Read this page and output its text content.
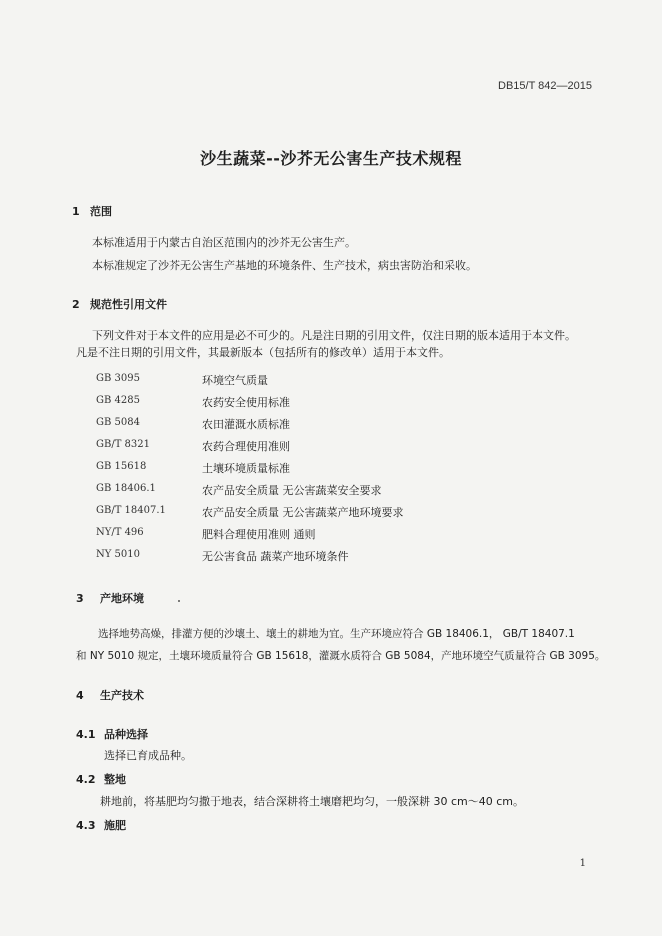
DB15/T 842—2015
沙生蔬菜--沙芥无公害生产技术规程
1 范围
本标准适用于内蒙古自治区范围内的沙芥无公害生产。
本标准规定了沙芥无公害生产基地的环境条件、生产技术，病虫害防治和采收。
2 规范性引用文件
下列文件对于本文件的应用是必不可少的。凡是注日期的引用文件，仅注日期的版本适用于本文件。
凡是不注日期的引用文件，其最新版本（包括所有的修改单）适用于本文件。
GB 3095	环境空气质量
GB 4285	农药安全使用标准
GB 5084	农田灌溉水质标准
GB/T 8321	农药合理使用准则
GB 15618	土壤环境质量标准
GB 18406.1	农产品安全质量 无公害蔬菜安全要求
GB/T 18407.1	农产品安全质量 无公害蔬菜产地环境要求
NY/T 496	肥料合理使用准则 通则
NY 5010	无公害食品 蔬菜产地环境条件
3 产地环境
选择地势高燥，排灌方便的沙壤土、壤土的耕地为宜。生产环境应符合 GB 18406.1， GB/T 18407.1
和 NY 5010 规定，土壤环境质量符合 GB 15618，灌溉水质符合 GB 5084，产地环境空气质量符合 GB 3095。
4 生产技术
4.1 品种选择
选择已育成品种。
4.2 整地
耕地前，将基肥均匀撒于地表，结合深耕将土壤磨耙均匀，一般深耕 30 cm～40 cm。
4.3 施肥
1
